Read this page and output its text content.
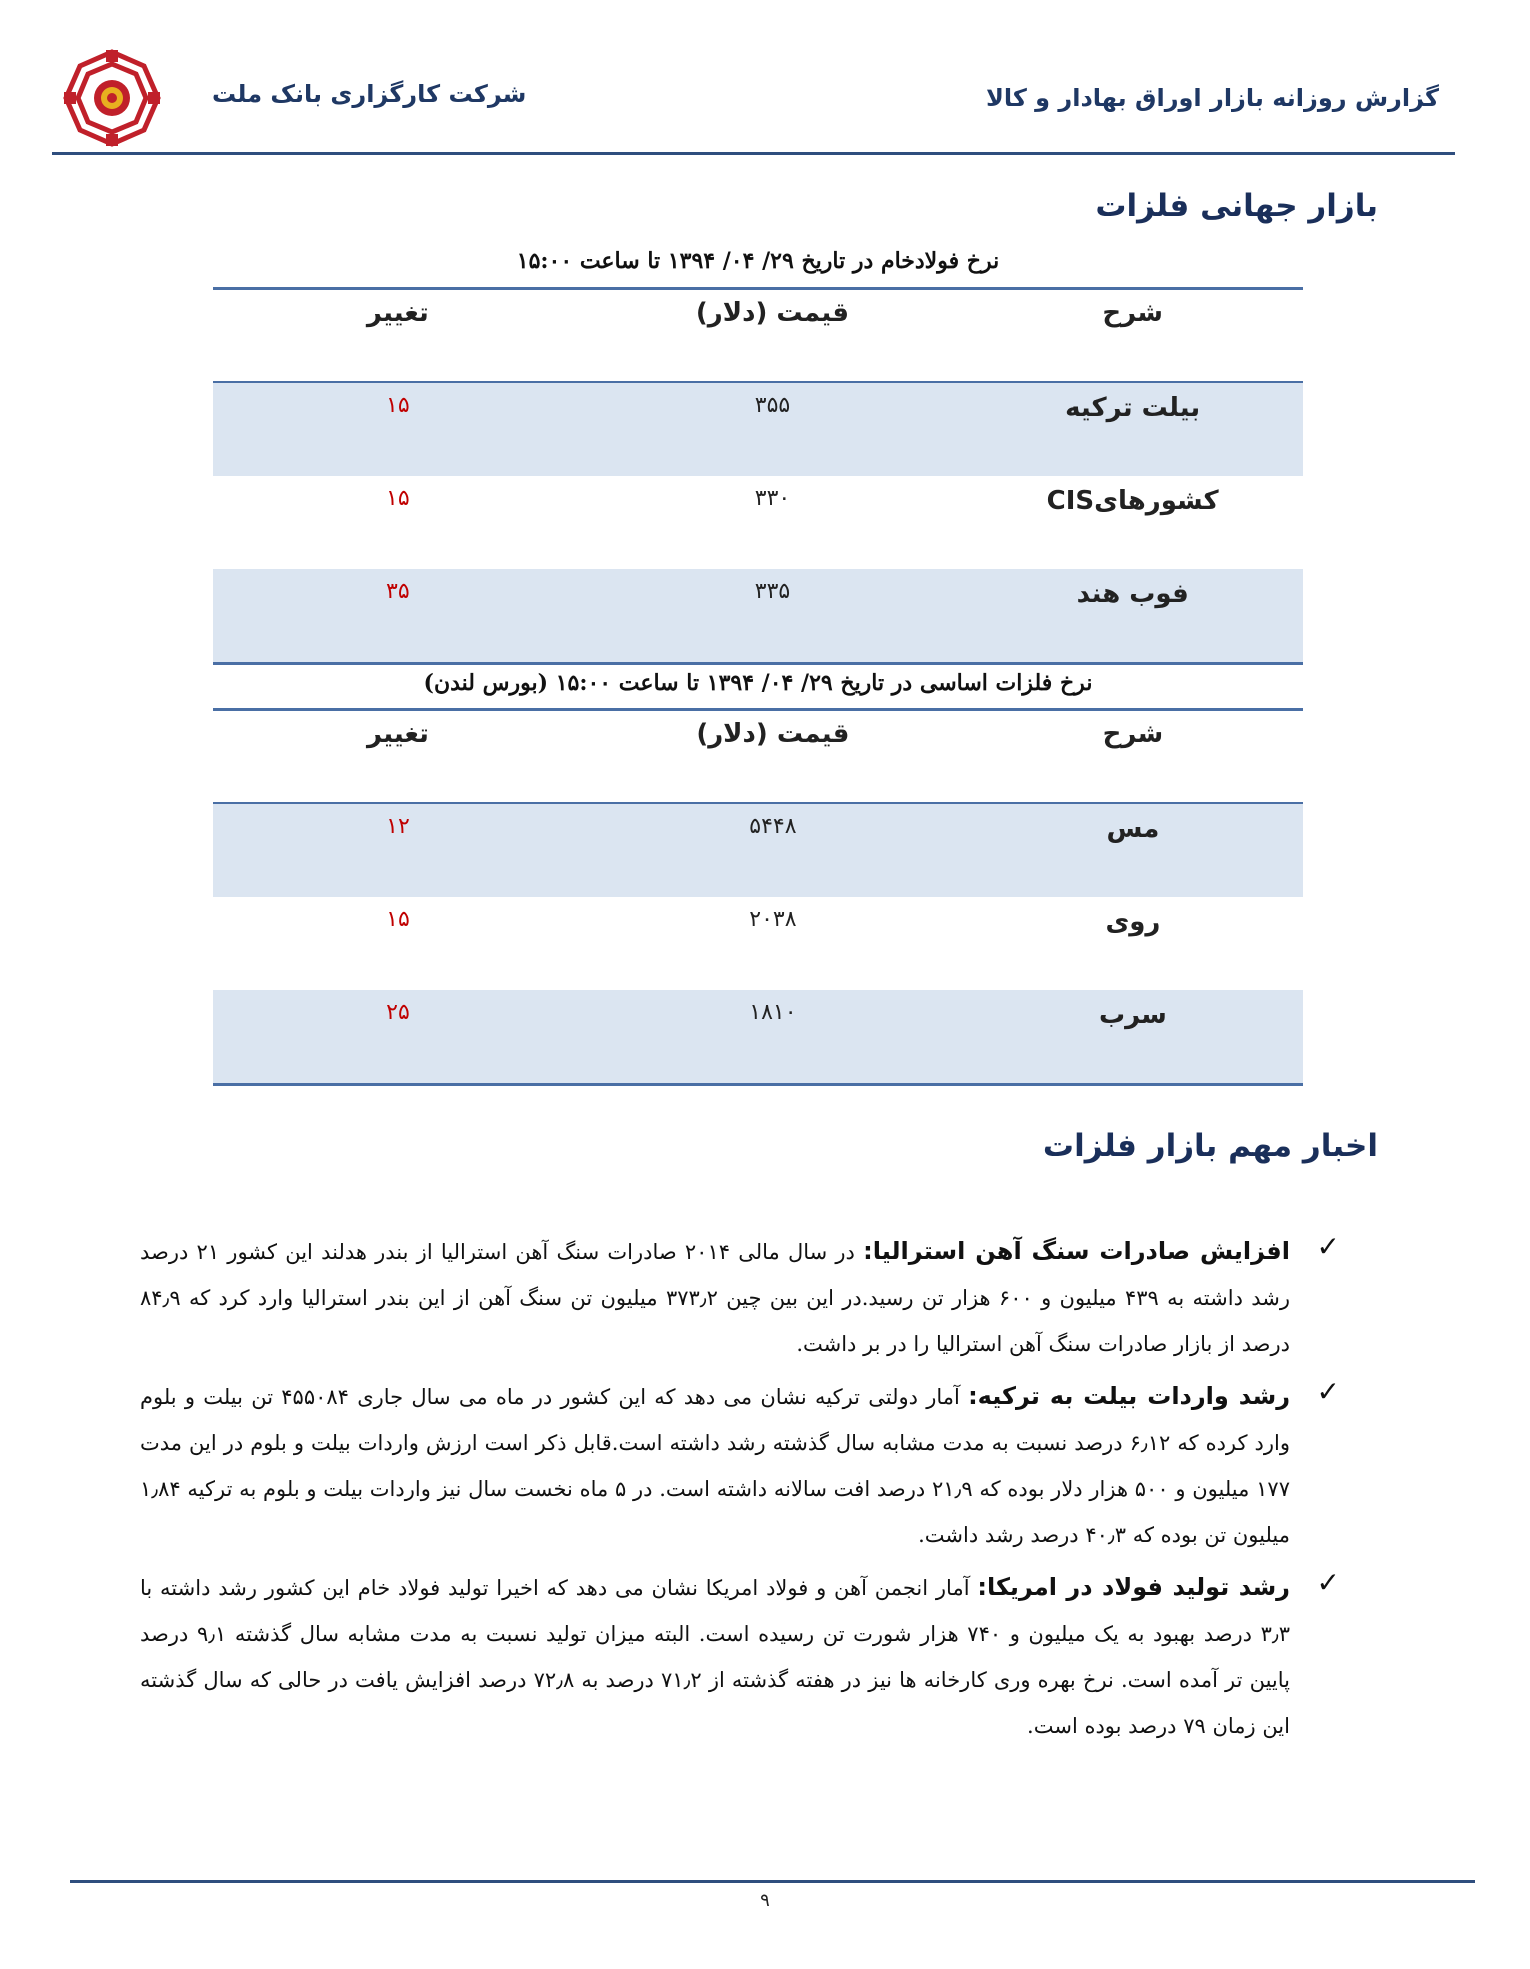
شرکت کارگزاری بانک ملت	گزارش روزانه بازار اوراق بهادار و کالا
بازار جهانی فلزات
نرخ فولادخام در تاریخ ۲۹/ ۰۴/ ۱۳۹۴ تا ساعت ۱۵:۰۰
شرح	قیمت (دلار)	تغییر
بیلت ترکیه	۳۵۵	۱۵
کشورهایCIS	۳۳۰	۱۵
فوب هند	۳۳۵	۳۵
نرخ فلزات اساسی در تاریخ ۲۹/ ۰۴/ ۱۳۹۴ تا ساعت ۱۵:۰۰ (بورس لندن)
شرح	قیمت (دلار)	تغییر
مس	۵۴۴۸	۱۲
روی	۲۰۳۸	۱۵
سرب	۱۸۱۰	۲۵
اخبار مهم بازار فلزات
✓
افزایش صادرات سنگ آهن استرالیا: در سال مالی ۲۰۱۴ صادرات سنگ آهن استرالیا از بندر هدلند این کشور ۲۱ درصد رشد داشته به ۴۳۹ میلیون و ۶۰۰ هزار تن رسید.در این بین چین ۳۷۳٫۲ میلیون تن سنگ آهن از این بندر استرالیا وارد کرد که ۸۴٫۹ درصد از بازار صادرات سنگ آهن استرالیا را در بر داشت.
✓
رشد واردات بیلت به ترکیه: آمار دولتی ترکیه نشان می دهد که این کشور در ماه می سال جاری ۴۵۵۰۸۴ تن بیلت و بلوم وارد کرده که ۶٫۱۲ درصد نسبت به مدت مشابه سال گذشته رشد داشته است.قابل ذکر است ارزش واردات بیلت و بلوم در این مدت ۱۷۷ میلیون و ۵۰۰ هزار دلار بوده که ۲۱٫۹ درصد افت سالانه داشته است. در ۵ ماه نخست سال نیز واردات بیلت و بلوم به ترکیه ۱٫۸۴ میلیون تن بوده که ۴۰٫۳ درصد رشد داشت.
✓
رشد تولید فولاد در امریکا: آمار انجمن آهن و فولاد امریکا نشان می دهد که اخیرا تولید فولاد خام این کشور رشد داشته با ۳٫۳ درصد بهبود به یک میلیون و ۷۴۰ هزار شورت تن رسیده است. البته میزان تولید نسبت به مدت مشابه سال گذشته ۹٫۱ درصد پایین تر آمده است. نرخ بهره وری کارخانه ها نیز در هفته گذشته از ۷۱٫۲ درصد به ۷۲٫۸ درصد افزایش یافت در حالی که سال گذشته این زمان ۷۹ درصد بوده است.
۹
